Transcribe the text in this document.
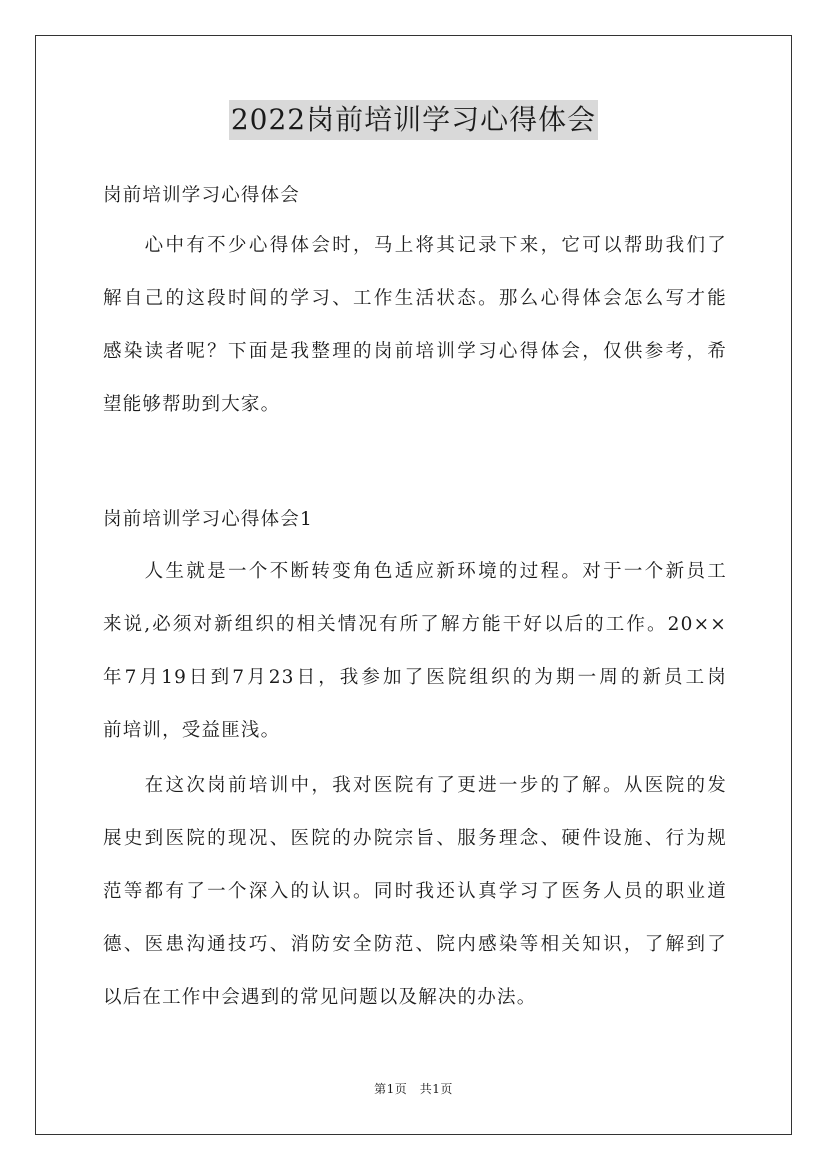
2022岗前培训学习心得体会
岗前培训学习心得体会
　　心中有不少心得体会时，马上将其记录下来，它可以帮助我们了
解自己的这段时间的学习、工作生活状态。那么心得体会怎么写才能
感染读者呢？下面是我整理的岗前培训学习心得体会，仅供参考，希
望能够帮助到大家。
岗前培训学习心得体会1
　　人生就是一个不断转变角色适应新环境的过程。对于一个新员工
来说,必须对新组织的相关情况有所了解方能干好以后的工作。20××
年7月19日到7月23日，我参加了医院组织的为期一周的新员工岗
前培训，受益匪浅。
　　在这次岗前培训中，我对医院有了更进一步的了解。从医院的发
展史到医院的现况、医院的办院宗旨、服务理念、硬件设施、行为规
范等都有了一个深入的认识。同时我还认真学习了医务人员的职业道
德、医患沟通技巧、消防安全防范、院内感染等相关知识，了解到了
以后在工作中会遇到的常见问题以及解决的办法。
第1页　共1页
